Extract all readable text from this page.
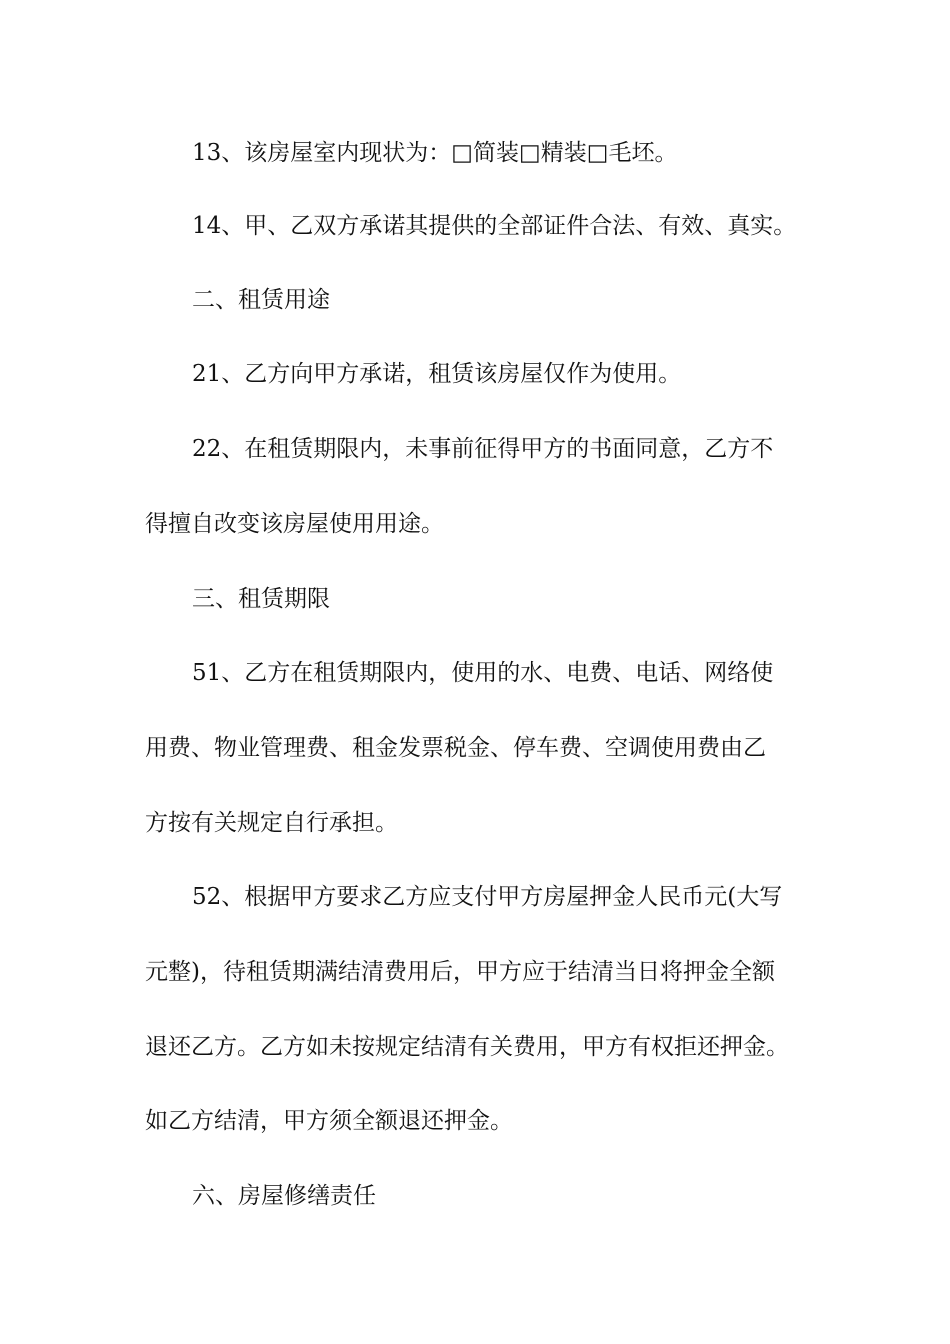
13、该房屋室内现状为：□简装□精装□毛坯。

14、甲、乙双方承诺其提供的全部证件合法、有效、真实。

二、租赁用途

21、乙方向甲方承诺，租赁该房屋仅作为使用。

22、在租赁期限内，未事前征得甲方的书面同意，乙方不

得擅自改变该房屋使用用途。

三、租赁期限

51、乙方在租赁期限内，使用的水、电费、电话、网络使

用费、物业管理费、租金发票税金、停车费、空调使用费由乙

方按有关规定自行承担。

52、根据甲方要求乙方应支付甲方房屋押金人民币元(大写

元整)，待租赁期满结清费用后，甲方应于结清当日将押金全额

退还乙方。乙方如未按规定结清有关费用，甲方有权拒还押金。

如乙方结清，甲方须全额退还押金。

六、房屋修缮责任
